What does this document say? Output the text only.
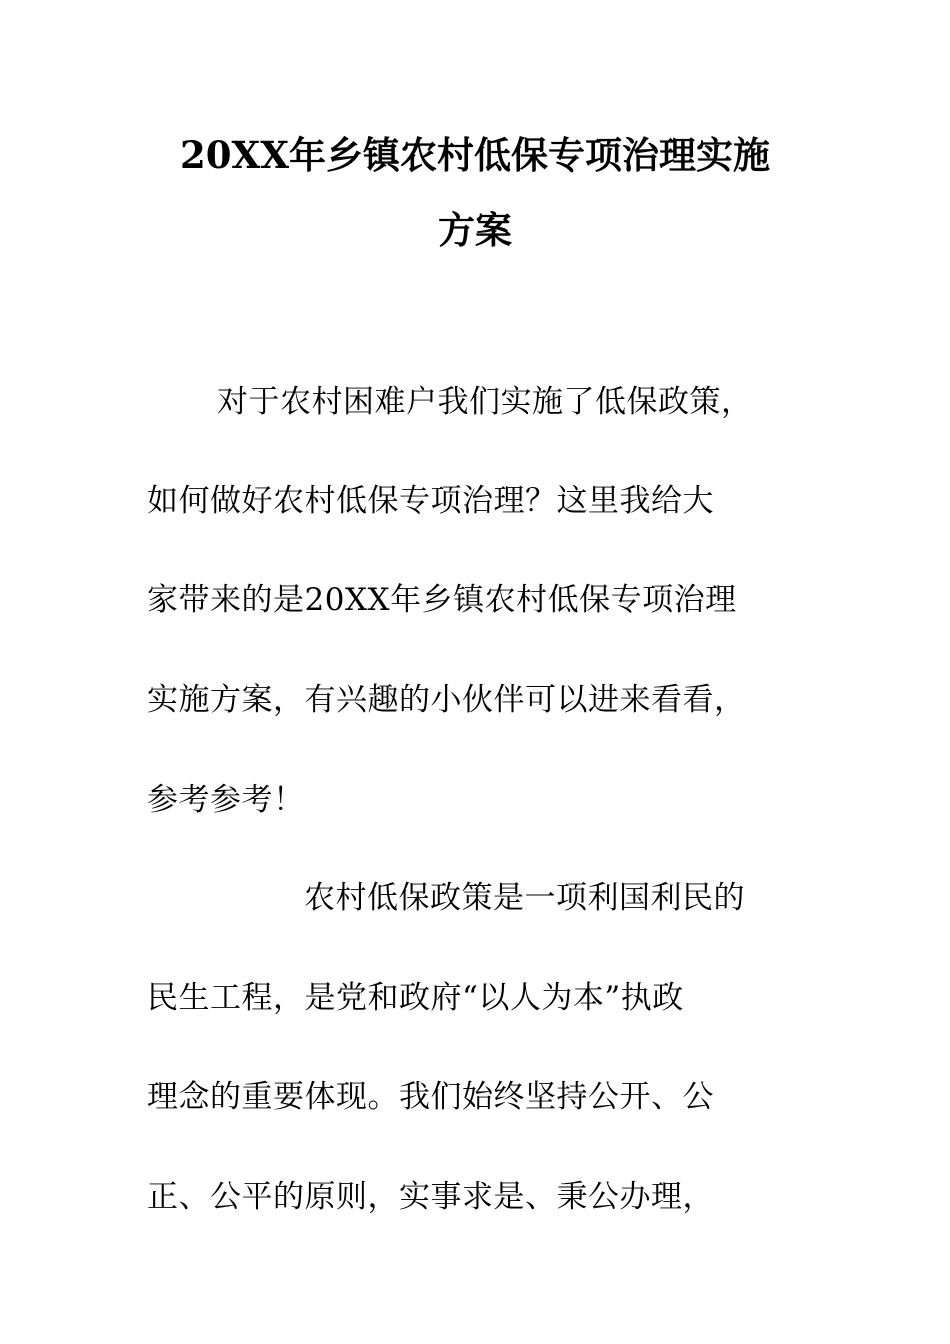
20XX年乡镇农村低保专项治理实施
方案
对于农村困难户我们实施了低保政策，
如何做好农村低保专项治理？这里我给大
家带来的是20XX年乡镇农村低保专项治理
实施方案，有兴趣的小伙伴可以进来看看，
参考参考！
农村低保政策是一项利国利民的
民生工程，是党和政府“以人为本”执政
理念的重要体现。我们始终坚持公开、公
正、公平的原则，实事求是、秉公办理，
